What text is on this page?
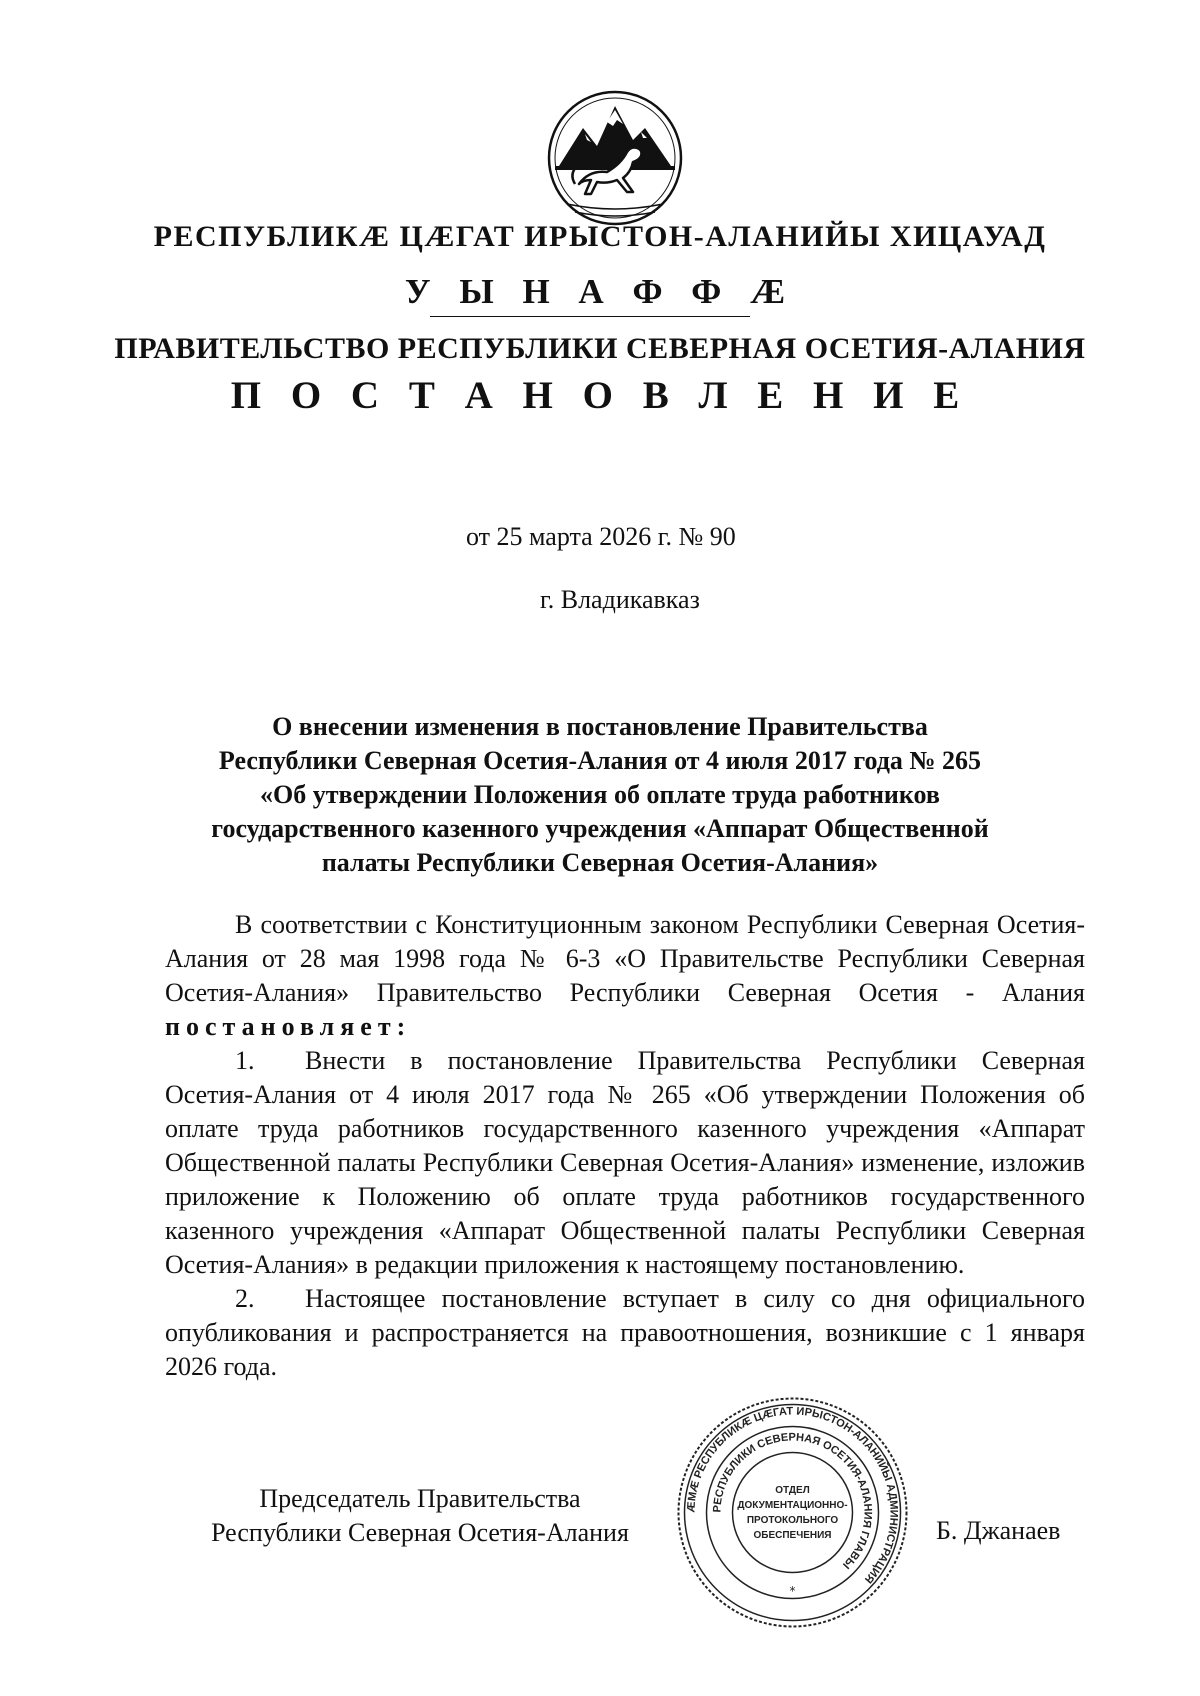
РЕСПУБЛИКÆ ЦÆГАТ ИРЫСТОН-АЛАНИЙЫ ХИЦАУАД
У Ы Н А Ф Ф Æ
ПРАВИТЕЛЬСТВО РЕСПУБЛИКИ СЕВЕРНАЯ ОСЕТИЯ-АЛАНИЯ
П О С Т А Н О В Л Е Н И Е
от 25 марта 2026 г. № 90
г. Владикавказ
О внесении изменения в постановление Правительства
Республики Северная Осетия-Алания от 4 июля 2017 года № 265
«Об утверждении Положения об оплате труда работников
государственного казенного учреждения «Аппарат Общественной
палаты Республики Северная Осетия-Алания»

В соответствии с Конституционным законом Республики Северная Осетия-Алания от 28 мая 1998 года № 6-3 «О Правительстве Республики Северная Осетия-Алания» Правительство Республики Северная Осетия - Алания постановляет:

1. Внести в постановление Правительства Республики Северная Осетия-Алания от 4 июля 2017 года № 265 «Об утверждении Положения об оплате труда работников государственного казенного учреждения «Аппарат Общественной палаты Республики Северная Осетия-Алания» изменение, изложив приложение к Положению об оплате труда работников государственного казенного учреждения «Аппарат Общественной палаты Республики Северная Осетия-Алания» в редакции приложения к настоящему постановлению.

2. Настоящее постановление вступает в силу со дня официального опубликования и распространяется на правоотношения, возникшие с 1 января 2026 года.

Председатель Правительства
Республики Северная Осетия-Алания	Б. Джанаев
ÆМÆ РЕСПУБЛИКÆ ЦÆГАТ ИРЫСТОН-АЛАНИЙЫ АДМИНИСТРАЦИЯ
РЕСПУБЛИКИ СЕВЕРНАЯ ОСЕТИЯ-АЛАНИЯ ГЛАВЫ
ОТДЕЛ
ДОКУМЕНТАЦИОННО-
ПРОТОКОЛЬНОГО
ОБЕСПЕЧЕНИЯ
*
